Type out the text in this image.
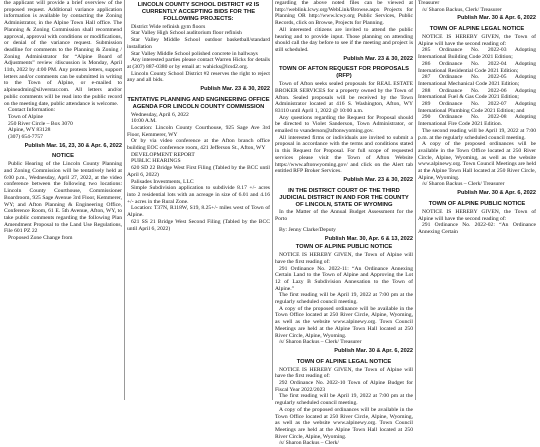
the applicant will provide a brief overview of the proposed request. Additional variance application information is available by contacting the Zoning Administrator, in the Alpine Town Hall office. The Planning & Zoning Commission shall recommend approval, approval with conditions or modifications, or denial of the variance request. Submission deadline for comments to the Planning & Zoning / Zoning Administrator for “Alpine Board of Adjustments” review /discussion is Monday, April 11th, 2022 by 4:00 PM. Any protests letters, support letters and/or comments can be submitted in writing to the Town of Alpine, or e-mailed to alpineadmin@silverstar.com. All letters and/or public comments will be read into the public record on the meeting date, public attendance is welcome.

Contact Information:

Town of Alpine

250 River Circle – Box 3070

Alpine, WY 83128

(307) 654-7757

Publish Mar. 16, 23, 30 & Apr. 6, 2022
NOTICE

Public Hearing of the Lincoln County Planning and Zoning Commission will be tentatively held at 6:00 p.m., Wednesday, April 27, 2022, at the video conference between the following two locations: Lincoln County Courthouse, Commissioner Boardroom, 925 Sage Avenue 3rd Floor, Kemmerer, WY; and Afton Planning & Engineering Office, Conference Room, 61 E. 5th Avenue, Afton, WY, to take public comments regarding the following Plan Amendment Proposal to the Land Use Regulations, File 601 PZ 22

Proposed Zone Change from

LINCOLN COUNTY SCHOOL DISTRICT #2 IS CURRENTLY ACCEPTING BIDS FOR THE FOLLOWING PROJECTS:

District Wide refinish gym floors

Star Valley High School auditorium floor refinish

Star Valley Middle School outdoor basketball/standard installation

Star Valley Middle School polished concrete in hallways

Any interested parties please contact Warren Hicks for details at (307) 887-0380 or by email at: wahicks@lcsd2.org.

Lincoln County School District #2 reserves the right to reject any and all bids.

Publish Mar. 23 & 30, 2022
TENTATIVE PLANNING AND ENGINEERING OFFICE AGENDA FOR LINCOLN COUNTY COMMISSION

Wednesday, April 6, 2022

10:00 A.M.

Location: Lincoln County Courthouse, 925 Sage Ave 3rd Floor, Kemmerer, WY

Or by via video conference at the Afton branch office building EOC conference room, 421 Jefferson St., Afton, WY

DEVELOPMENT REPORT

PUBLIC HEARINGS

620 SD 22 Bridge West First Filing (Tabled by the BCC until April 6, 2022)

Palisades Investments, LLC

Simple Subdivision application to subdivide 8.17 +/- acres into 2 residential lots with an acreage in size of 6.01 and 4.16 +/- acres in the Rural Zone.

Location: T37N, R118W, S19, 8.25+/- miles west of Town of Alpine.

621 SS 21 Bridge West Second Filing (Tabled by the BCC until April 6, 2022)

regarding the above noted files can be viewed at http://weblink.lcwy.org/WebLink/Browse.aspx Projects for Planning OR http://www.lcwy.org Public Services, Public Records, click on Browse, Projects for Planning.

All interested citizens are invited to attend the public hearing and to provide input. Those planning on attending should call the day before to see if the meeting and project is still scheduled.

Publish Mar. 23 & 30, 2022
TOWN OF AFTON REQUEST FOR PROPOSALS (RFP)

Town of Afton seeks sealed proposals for REAL ESTATE BROKER SERVICES for a property owned by the Town of Afton. Sealed proposals will be received by the Town Administrator located at 416 S. Washington, Afton, WY 83110 until April 1, 2022 @ 10:00 a.m.

Any questions regarding the Request for Proposal should be directed to Violet Sanderson, Town Administrator, or emailed to vsanderson@aftonwyoming.gov.

All interested firms or individuals are invited to submit a proposal in accordance with the terms and conditions stated in this Request for Proposal. For full scope of requested services please visit the Town of Afton Website https://www.aftonwyoming.gov/ and click on the Alert tab entitled RFP Broker Services.

Publish Mar. 23 & 30, 2022
IN THE DISTRICT COURT OF THE THIRD JUDICIAL DISTRICT IN AND FOR THE COUNTY OF LINCOLN, STATE OF WYOMING

In the Matter of the Annual Budget Assessment for the Porto

By: Jenny Clarke/Deputy

Publish Mar. 30, Apr. 6 & 13, 2022
TOWN OF ALPINE PUBLIC NOTICE

NOTICE IS HEREBY GIVEN, the Town of Alpine will have the first reading of:

291 Ordinance No. 2022-11: “An Ordinance Annexing Certain Land to the Town of Alpine and Approving the Lot 12 of Lazy B Subdivision Annexation to the Town of Alpine.”

The first reading will be April 19, 2022 at 7:00 pm at the regularly scheduled council meeting.

A copy of the proposed ordinance will be available in the Town Office located at 250 River Circle, Alpine, Wyoming, as well as the website www.alpinewy.org. Town Council Meetings are held at the Alpine Town Hall located at 250 River Circle, Alpine, Wyoming.

/s/ Sharon Backus – Clerk/ Treasurer

Publish Mar. 30 & Apr. 6, 2022
TOWN OF ALPINE LEGAL NOTICE

NOTICE IS HEREBY GIVEN, the Town of Alpine will have the first reading of:

292 Ordinance No. 2022-10 Town of Alpine Budget for Fiscal Year 2022/2023

The first reading will be April 19, 2022 at 7:00 pm at the regularly scheduled council meeting.

A copy of the proposed ordinances will be available in the Town Office located at 250 River Circle, Alpine, Wyoming, as well as the website www.alpinewy.org. Town Council Meetings are held at the Alpine Town Hall located at 250 River Circle, Alpine, Wyoming.

/s/ Sharon Backus – Clerk/

Treasurer

/s/ Sharon Backus, Clerk/ Treasurer

Publish Mar. 30 & Apr. 6, 2022
TOWN OF ALPINE LEGAL NOTICE

NOTICE IS HEREBY GIVEN, the Town of Alpine will have the second reading of:

285 Ordinance No. 2022-03 Adopting International Building Code 2021 Edition;

286 Ordinance No. 2022-04 Adopting International Residential Code 2021 Edition;

287 Ordinance No. 2022-05 Adopting International Mechanical Code 2021 Edition;

288 Ordinance No. 2022-06 Adopting International Fuel & Gas Code 2021 Edition;

289 Ordinance No. 2022-07 Adopting International Plumbing Code 2021 Edition; and

290 Ordinance No. 2022-08 Adopting International Fire Code 2021 Edition.

The second reading will be April 19, 2022 at 7:00 p.m. at the regularly scheduled council meeting.

A copy of the proposed ordinances will be available in the Town Office located at 250 River Circle, Alpine, Wyoming, as well as the website www.alpinewy.org. Town Council Meetings are held at the Alpine Town Hall located at 250 River Circle, Alpine, Wyoming.

/s/ Sharon Backus – Clerk/ Treasurer

Publish Mar. 30 & Apr. 6, 2022
TOWN OF ALPINE PUBLIC NOTICE

NOTICE IS HEREBY GIVEN, the Town of Alpine will have the second reading of:

291 Ordinance No. 2022-02: “An Ordinance Annexing Certain
